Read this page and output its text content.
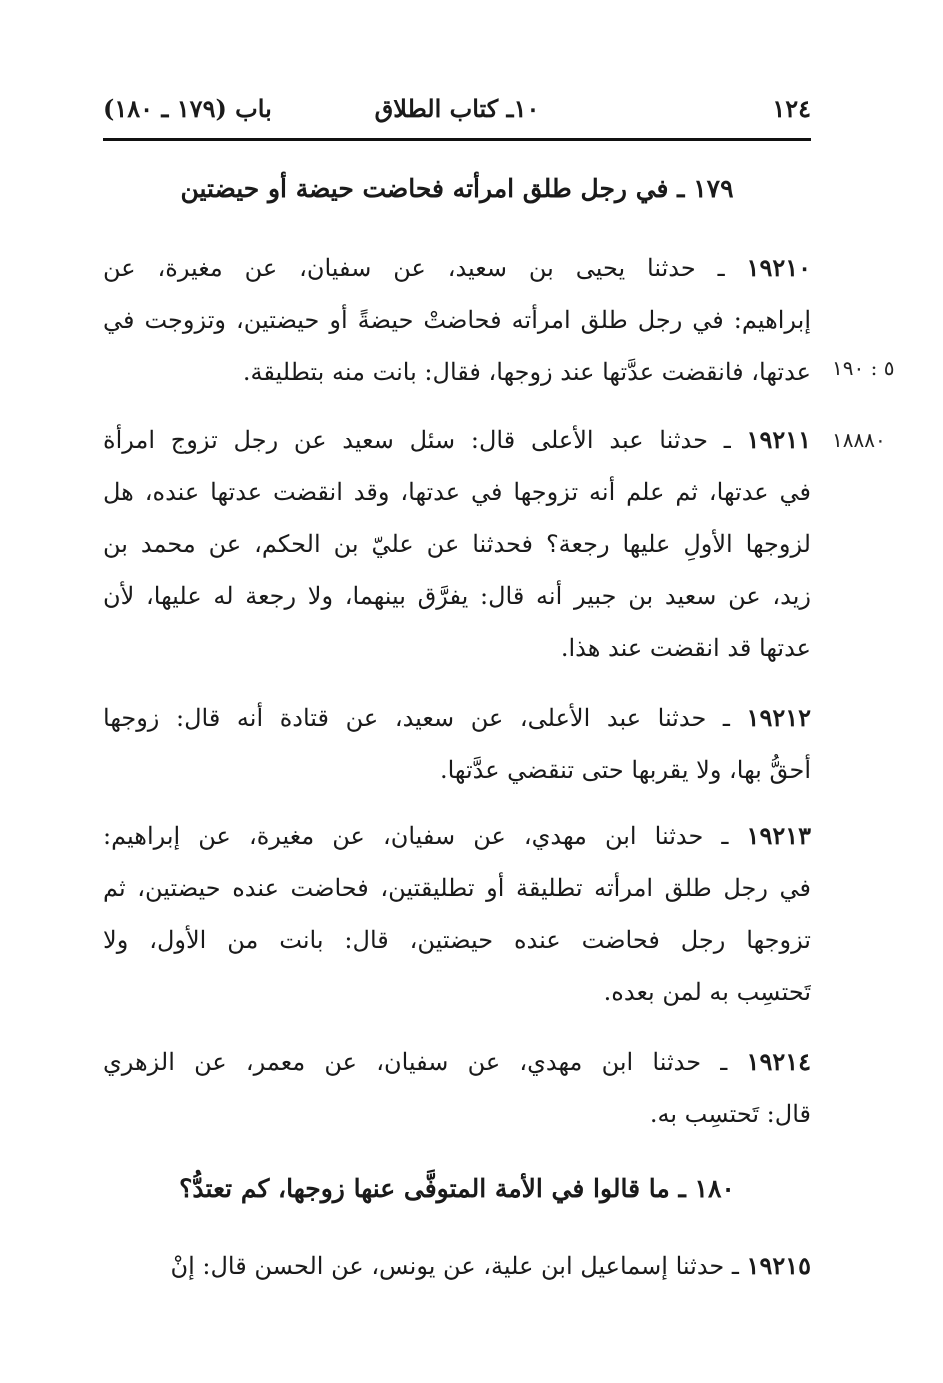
١٢٤
١٠ـ كتاب الطلاق
باب (١٧٩ ـ ١٨٠)
١٧٩ ـ في رجل طلق امرأته فحاضت حيضة أو حيضتين
١٩٢١٠ ـ حدثنا يحيى بن سعيد، عن سفيان، عن مغيرة، عن
إبراهيم: في رجل طلق امرأته فحاضتْ حيضةً أو حيضتين، وتزوجت في
عدتها، فانقضت عدَّتها عند زوجها، فقال: بانت منه بتطليقة. ٥ : ١٩٠
١٩٢١١ ـ حدثنا عبد الأعلى قال: سئل سعيد عن رجل تزوج امرأة
في عدتها، ثم علم أنه تزوجها في عدتها، وقد انقضت عدتها عنده، هل
لزوجها الأولِ عليها رجعة؟ فحدثنا عن عليّ بن الحكم، عن محمد بن
زيد، عن سعيد بن جبير أنه قال: يفرَّق بينهما، ولا رجعة له عليها، لأن
عدتها قد انقضت عند هذا.
١٨٨٨٠
١٩٢١٢ ـ حدثنا عبد الأعلى، عن سعيد، عن قتادة أنه قال: زوجها
أحقُّ بها، ولا يقربها حتى تنقضي عدَّتها.
١٩٢١٣ ـ حدثنا ابن مهدي، عن سفيان، عن مغيرة، عن إبراهيم:
في رجل طلق امرأته تطليقة أو تطليقتين، فحاضت عنده حيضتين، ثم
تزوجها رجل فحاضت عنده حيضتين، قال: بانت من الأول، ولا
تَحتسِب به لمن بعده.
١٩٢١٤ ـ حدثنا ابن مهدي، عن سفيان، عن معمر، عن الزهري
قال: تَحتسِب به.
١٨٠ ـ ما قالوا في الأمة المتوفَّى عنها زوجها، كم تعتدُّ؟
١٩٢١٥ ـ حدثنا إسماعيل ابن علية، عن يونس، عن الحسن قال: إنْ
